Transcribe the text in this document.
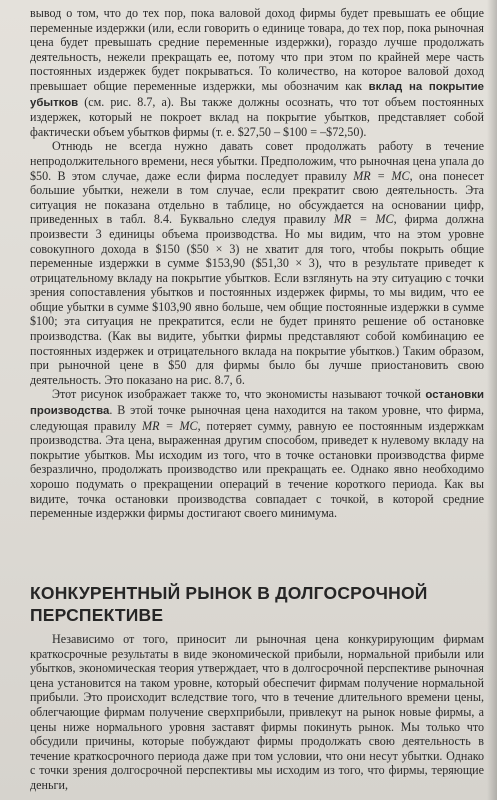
вывод о том, что до тех пор, пока валовой доход фирмы будет превышать ее общие переменные издержки (или, если говорить о единице товара, до тех пор, пока рыночная цена будет превышать средние переменные издержки), гораздо лучше продолжать деятельность, нежели прекращать ее, потому что при этом по крайней мере часть постоянных издержек будет покрываться. То количество, на которое валовой доход превышает общие переменные издержки, мы обозначим как вклад на покрытие убытков (см. рис. 8.7, а). Вы также должны осознать, что тот объем постоянных издержек, который не покроет вклад на покрытие убытков, представляет собой фактически объем убытков фирмы (т. е. $27,50 – $100 = –$72,50).

Отнюдь не всегда нужно давать совет продолжать работу в течение непродолжительного времени, неся убытки. Предположим, что рыночная цена упала до $50. В этом случае, даже если фирма последует правилу MR = MC, она понесет большие убытки, нежели в том случае, если прекратит свою деятельность. Эта ситуация не показана отдельно в таблице, но обсуждается на основании цифр, приведенных в табл. 8.4. Буквально следуя правилу MR = MC, фирма должна произвести 3 единицы объема производства. Но мы видим, что на этом уровне совокупного дохода в $150 ($50 × 3) не хватит для того, чтобы покрыть общие переменные издержки в сумме $153,90 ($51,30 × 3), что в результате приведет к отрицательному вкладу на покрытие убытков. Если взглянуть на эту ситуацию с точки зрения сопоставления убытков и постоянных издержек фирмы, то мы видим, что ее общие убытки в сумме $103,90 явно больше, чем общие постоянные издержки в сумме $100; эта ситуация не прекратится, если не будет принято решение об остановке производства. (Как вы видите, убытки фирмы представляют собой комбинацию ее постоянных издержек и отрицательного вклада на покрытие убытков.) Таким образом, при рыночной цене в $50 для фирмы было бы лучше приостановить свою деятельность. Это показано на рис. 8.7, б.

Этот рисунок изображает также то, что экономисты называют точкой остановки производства. В этой точке рыночная цена находится на таком уровне, что фирма, следующая правилу MR = MC, потеряет сумму, равную ее постоянным издержкам производства. Эта цена, выраженная другим способом, приведет к нулевому вкладу на покрытие убытков. Мы исходим из того, что в точке остановки производства фирме безразлично, продолжать производство или прекращать ее. Однако явно необходимо хорошо подумать о прекращении операций в течение короткого периода. Как вы видите, точка остановки производства совпадает с точкой, в которой средние переменные издержки фирмы достигают своего минимума.

КОНКУРЕНТНЫЙ РЫНОК В ДОЛГОСРОЧНОЙ ПЕРСПЕКТИВЕ

Независимо от того, приносит ли рыночная цена конкурирующим фирмам краткосрочные результаты в виде экономической прибыли, нормальной прибыли или убытков, экономическая теория утверждает, что в долгосрочной перспективе рыночная цена установится на таком уровне, который обеспечит фирмам получение нормальной прибыли. Это происходит вследствие того, что в течение длительного времени цены, облегчающие фирмам получение сверхприбыли, привлекут на рынок новые фирмы, а цены ниже нормального уровня заставят фирмы покинуть рынок. Мы только что обсудили причины, которые побуждают фирмы продолжать свою деятельность в течение краткосрочного периода даже при том условии, что они несут убытки. Однако с точки зрения долгосрочной перспективы мы исходим из того, что фирмы, теряющие деньги,
